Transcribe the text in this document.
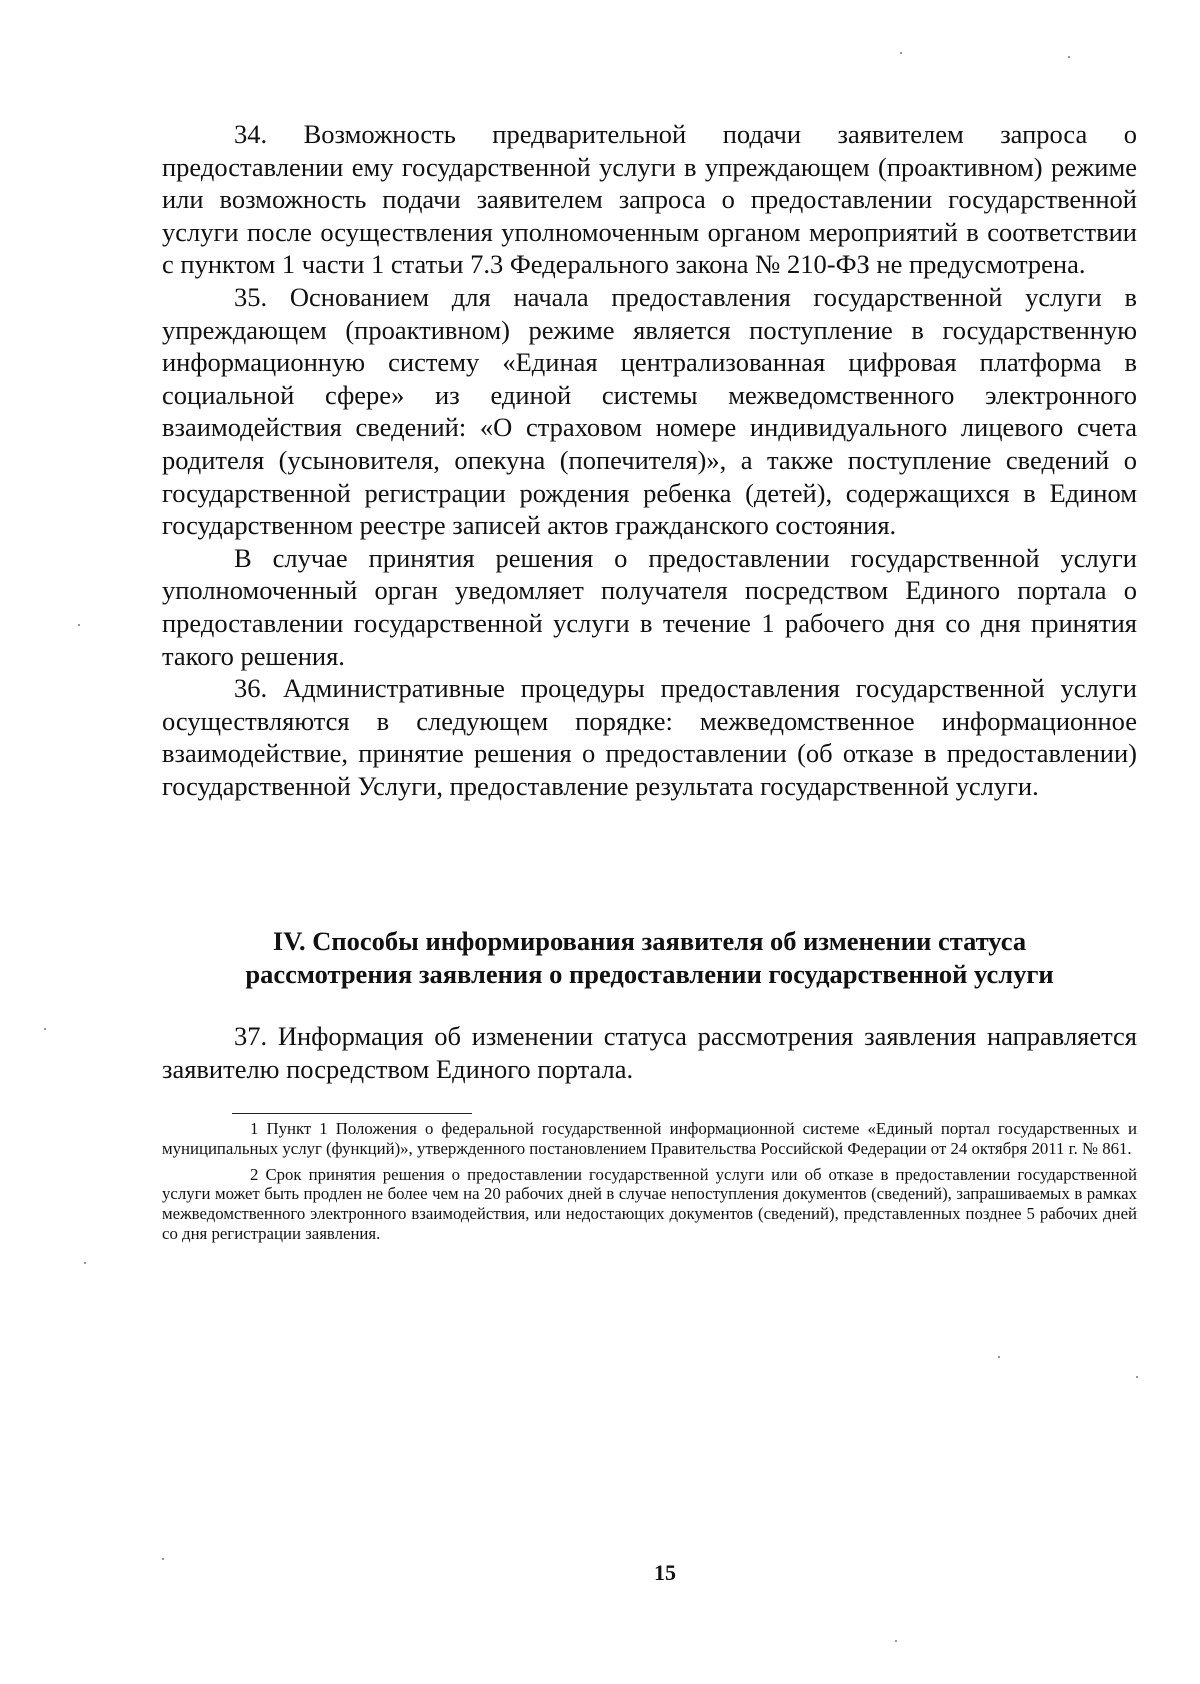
34. Возможность предварительной подачи заявителем запроса о предоставлении ему государственной услуги в упреждающем (проактивном) режиме или возможность подачи заявителем запроса о предоставлении государственной услуги после осуществления уполномоченным органом мероприятий в соответствии с пунктом 1 части 1 статьи 7.3 Федерального закона № 210-ФЗ не предусмотрена.

35. Основанием для начала предоставления государственной услуги в упреждающем (проактивном) режиме является поступление в государственную информационную систему «Единая централизованная цифровая платформа в социальной сфере» из единой системы межведомственного электронного взаимодействия сведений: «О страховом номере индивидуального лицевого счета родителя (усыновителя, опекуна (попечителя)», а также поступление сведений о государственной регистрации рождения ребенка (детей), содержащихся в Едином государственном реестре записей актов гражданского состояния.

В случае принятия решения о предоставлении государственной услуги уполномоченный орган уведомляет получателя посредством Единого портала о предоставлении государственной услуги в течение 1 рабочего дня со дня принятия такого решения.

36. Административные процедуры предоставления государственной услуги осуществляются в следующем порядке: межведомственное информационное взаимодействие, принятие решения о предоставлении (об отказе в предоставлении) государственной Услуги, предоставление результата государственной услуги.

IV. Способы информирования заявителя об изменении статуса
рассмотрения заявления о предоставлении государственной услуги

37. Информация об изменении статуса рассмотрения заявления направляется заявителю посредством Единого портала.

1 Пункт 1 Положения о федеральной государственной информационной системе «Единый портал государственных и муниципальных услуг (функций)», утвержденного постановлением Правительства Российской Федерации от 24 октября 2011 г. № 861.

2 Срок принятия решения о предоставлении государственной услуги или об отказе в предоставлении государственной услуги может быть продлен не более чем на 20 рабочих дней в случае непоступления документов (сведений), запрашиваемых в рамках межведомственного электронного взаимодействия, или недостающих документов (сведений), представленных позднее 5 рабочих дней со дня регистрации заявления.

15
